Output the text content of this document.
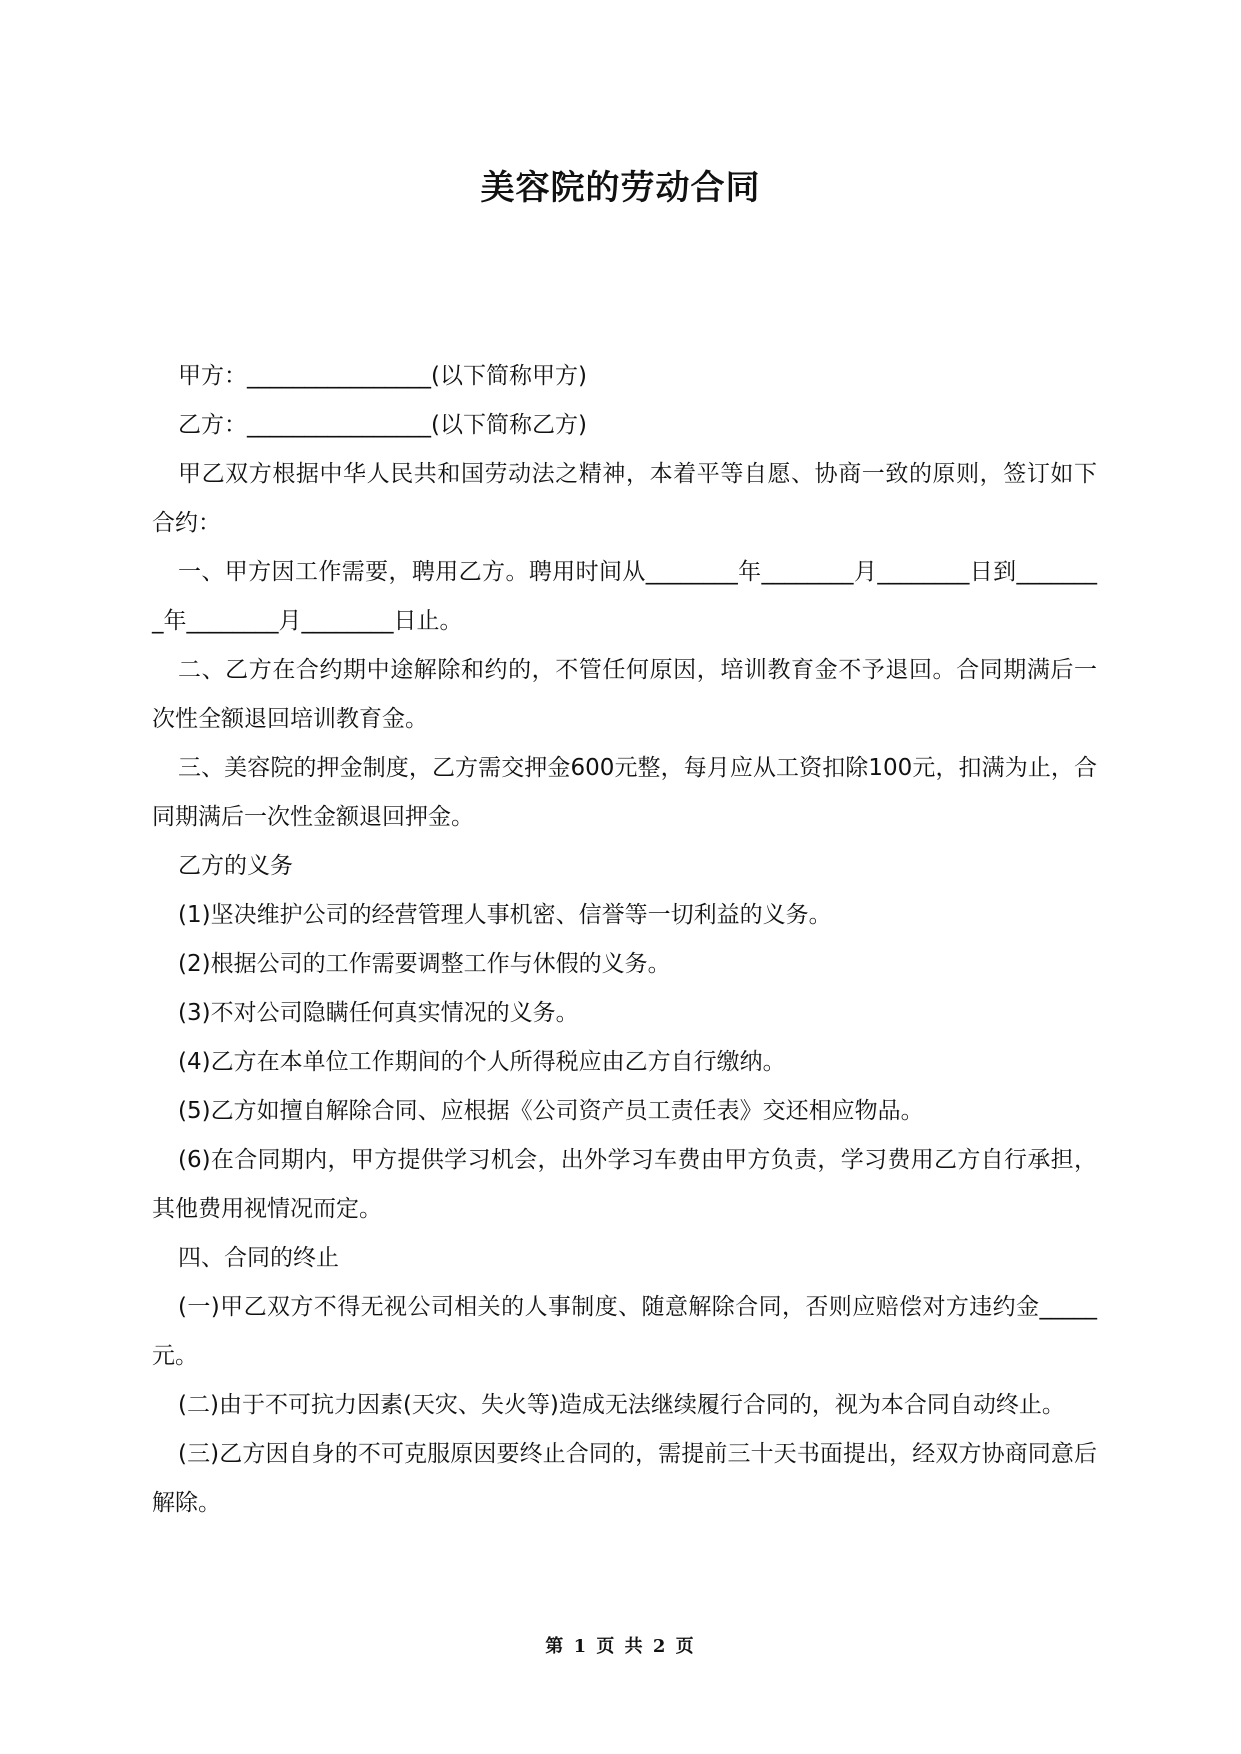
美容院的劳动合同

甲方：________________(以下简称甲方)

乙方：________________(以下简称乙方)

甲乙双方根据中华人民共和国劳动法之精神，本着平等自愿、协商一致的原则，签订如下合约：

一、甲方因工作需要，聘用乙方。聘用时间从________年________月________日到________年________月________日止。

二、乙方在合约期中途解除和约的，不管任何原因，培训教育金不予退回。合同期满后一次性全额退回培训教育金。

三、美容院的押金制度，乙方需交押金600元整，每月应从工资扣除100元，扣满为止，合同期满后一次性金额退回押金。

乙方的义务

(1)坚决维护公司的经营管理人事机密、信誉等一切利益的义务。

(2)根据公司的工作需要调整工作与休假的义务。

(3)不对公司隐瞒任何真实情况的义务。

(4)乙方在本单位工作期间的个人所得税应由乙方自行缴纳。

(5)乙方如擅自解除合同、应根据《公司资产员工责任表》交还相应物品。

(6)在合同期内，甲方提供学习机会，出外学习车费由甲方负责，学习费用乙方自行承担，其他费用视情况而定。

四、合同的终止

(一)甲乙双方不得无视公司相关的人事制度、随意解除合同，否则应赔偿对方违约金_____元。

(二)由于不可抗力因素(天灾、失火等)造成无法继续履行合同的，视为本合同自动终止。

(三)乙方因自身的不可克服原因要终止合同的，需提前三十天书面提出，经双方协商同意后解除。

第 1 页 共 2 页
